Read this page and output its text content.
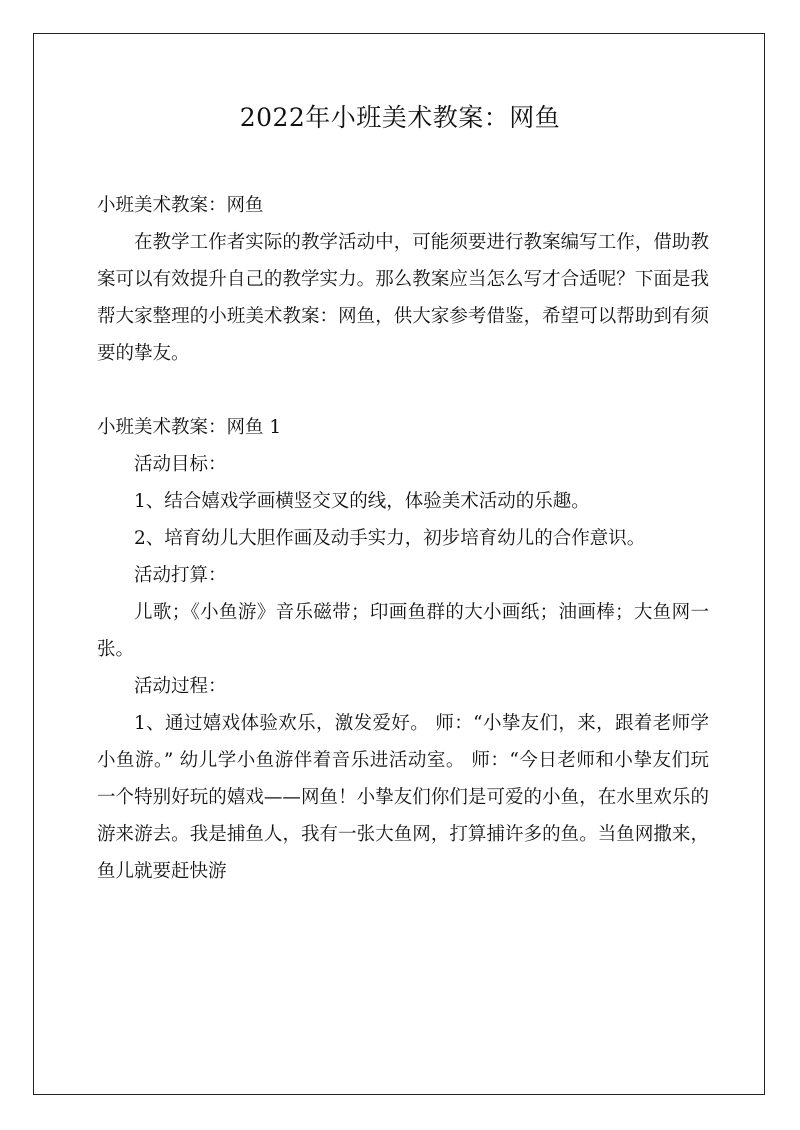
2022年小班美术教案：网鱼

小班美术教案：网鱼

在教学工作者实际的教学活动中，可能须要进行教案编写工作，借助教案可以有效提升自己的教学实力。那么教案应当怎么写才合适呢？下面是我帮大家整理的小班美术教案：网鱼，供大家参考借鉴，希望可以帮助到有须要的挚友。

小班美术教案：网鱼 1

活动目标：

1、结合嬉戏学画横竖交叉的线，体验美术活动的乐趣。

2、培育幼儿大胆作画及动手实力，初步培育幼儿的合作意识。

活动打算：

儿歌；《小鱼游》音乐磁带；印画鱼群的大小画纸；油画棒；大鱼网一张。

活动过程：

1、通过嬉戏体验欢乐，激发爱好。 师：“小挚友们，来，跟着老师学小鱼游。” 幼儿学小鱼游伴着音乐进活动室。 师：“今日老师和小挚友们玩一个特别好玩的嬉戏——网鱼！小挚友们你们是可爱的小鱼，在水里欢乐的游来游去。我是捕鱼人，我有一张大鱼网，打算捕许多的鱼。当鱼网撒来，鱼儿就要赶快游
